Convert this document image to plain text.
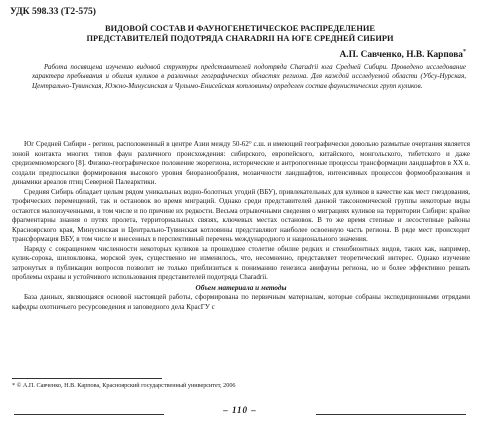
УДК 598.33 (Т2-575)
ВИДОВОЙ СОСТАВ И ФАУНОГЕНЕТИЧЕСКОЕ РАСПРЕДЕЛЕНИЕ
ПРЕДСТАВИТЕЛЕЙ ПОДОТРЯДА CHARADRII НА ЮГЕ СРЕДНЕЙ СИБИРИ
А.П. Савченко, Н.В. Карпова*

Работа посвящена изучению видовой структуры представителей подотряда Charadrii юга Средней Сибири. Проведено исследование характера пребывания и обилия куликов в различных географических областях региона. Для каждой исследуемой области (Убсу-Нурская, Центрально-Тувинская, Южно-Минусинская и Чулымо-Енисейская котловины) определен состав фаунистических групп куликов.

Юг Средней Сибири - регион, расположенный в центре Азии между 50-62° с.ш. и имеющий географически довольно размытые очертания является зоной контакта многих типов фаун различного происхождения: сибирского, европейского, китайского, монгольского, тибетского и даже средиземноморского [8]. Физико-географическое положение экорегиона, исторические и антропогенные процессы трансформации ландшафтов в ХХ в. создали предпосылки формирования высокого уровня биоразнообразия, мозаичности ландшафтов, интенсивных процессов формообразования и динамики ареалов птиц Северной Палеарктики.

Средняя Сибирь обладает целым рядом уникальных водно-болотных угодий (ВБУ), привлекательных для куликов в качестве как мест гнездования, трофических перемещений, так и остановок во время миграций. Однако среди представителей данной таксономической группы некоторые виды остаются малоизученными, в том числе и по причине их редкости. Весьма отрывочными сведения о миграциях куликов на территории Сибири: крайне фрагментарны знания о путях пролета, территориальных связях, ключевых местах остановок. В то же время степные и лесостепные районы Красноярского края, Минусинская и Центрально-Тувинская котловины представляют наиболее освоенную часть региона. В ряде мест происходит трансформация ВБУ, в том числе и внесенных в перспективный перечень международного и национального значения.

Наряду с сокращением численности некоторых куликов за прошедшее столетие обилие редких и стенобионтных видов, таких как, например, кулик-сорока, шилоклювка, морской зуек, существенно не изменилось, что, несомненно, представляет теоретический интерес. Однако изучение затронутых в публикации вопросов позволит не только приблизиться к пониманию генезиса авифауны региона, но и более эффективно решать проблемы охраны и устойчивого использования представителей подотряда Charadrii.

Объем материала и методы

База данных, являющаяся основой настоящей работы, сформирована по первичным материалам, которые собраны экспедиционными отрядами кафедры охотничьего ресурсоведения и заповедного дела КрасГУ с

* © А.П. Савченко, Н.В. Карпова, Красноярский государственный университет, 2006
– 110 –
